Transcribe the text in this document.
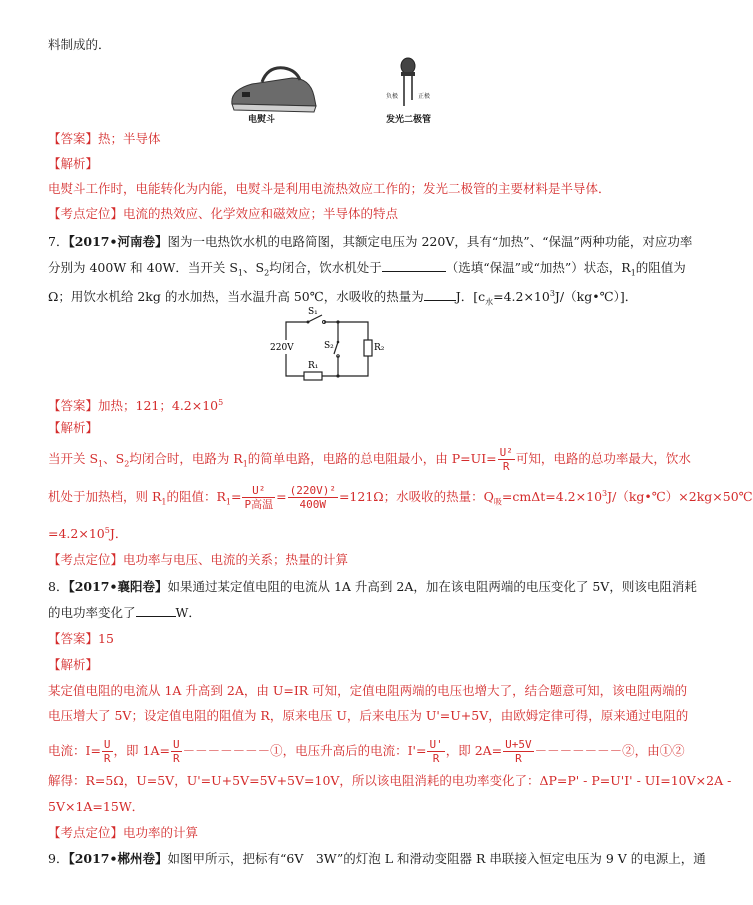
料制成的．
电熨斗
负极	正极
发光二极管
【答案】热；半导体
【解析】
电熨斗工作时，电能转化为内能，电熨斗是利用电流热效应工作的；发光二极管的主要材料是半导体．
【考点定位】电流的热效应、化学效应和磁效应；半导体的特点
7．【2017•河南卷】图为一电热饮水机的电路简图，其额定电压为 220V，具有“加热”、“保温”两种功能，对应功率
分别为 400W 和 40W．当开关 $S_1$、$S_2$均闭合，饮水机处于	（选填“保温”或“加热”）状态，$R_1$的阻值为
Ω；用饮水机给 2kg 的水加热，当水温升高 50℃，水吸收的热量为	J．$[c_水=4.2\times 10^3J/(kg•℃)]$．
S₁
220V	S₂	R₂
R₁
【答案】加热；121；$4.2\times 10^5$
【解析】
当开关 $S_1$、$S_2$均闭合时，电路为 $R_1$的简单电路，电路的总电阻最小，由 $P=UI= \frac{\text{U²}}{R}$ 可知，电路的总功率最大，饮水
机处于加热档，则 $R_1$的阻值：$R_1= \frac{\text{U²}}{\text{P高温}} = \frac{\text{(220V)²}}{400W} =121\Omega$；水吸收的热量：$Q_吸=cm\Delta t=4.2\times 10^3J/(kg•℃)\times 2kg\times 50℃$
$=4.2\times 10^5J$．
【考点定位】电功率与电压、电流的关系；热量的计算
8．【2017•襄阳卷】如果通过某定值电阻的电流从 1A 升高到 2A，加在该电阻两端的电压变化了 5V，则该电阻消耗
的电功率变化了	W．
【答案】15
【解析】
某定值电阻的电流从 1A 升高到 2A，由 U=IR 可知，定值电阻两端的电压也增大了，结合题意可知，该电阻两端的
电压增大了 5V；设定值电阻的阻值为 R，原来电压 U，后来电压为 U'=U+5V，由欧姆定律可得，原来通过电阻的
电流：$I= \frac{U}{R}$ ，即 $1A= \frac{U}{R}$ －－－－－－－①，电压升高后的电流：$I'= \frac{U'}{R}$ ，即 $2A= \frac{U+5V}{R}$ －－－－－－－②，由①②
解得：R=5Ω，U=5V，U'=U+5V=5V+5V=10V，所以该电阻消耗的电功率变化了：ΔP=P' - P=U'I' - UI=10V×2A -
5V×1A=15W．
【考点定位】电功率的计算
9．【2017•郴州卷】如图甲所示，把标有“6V　3W”的灯泡 L 和滑动变阻器 R 串联接入恒定电压为 9 V 的电源上，通
